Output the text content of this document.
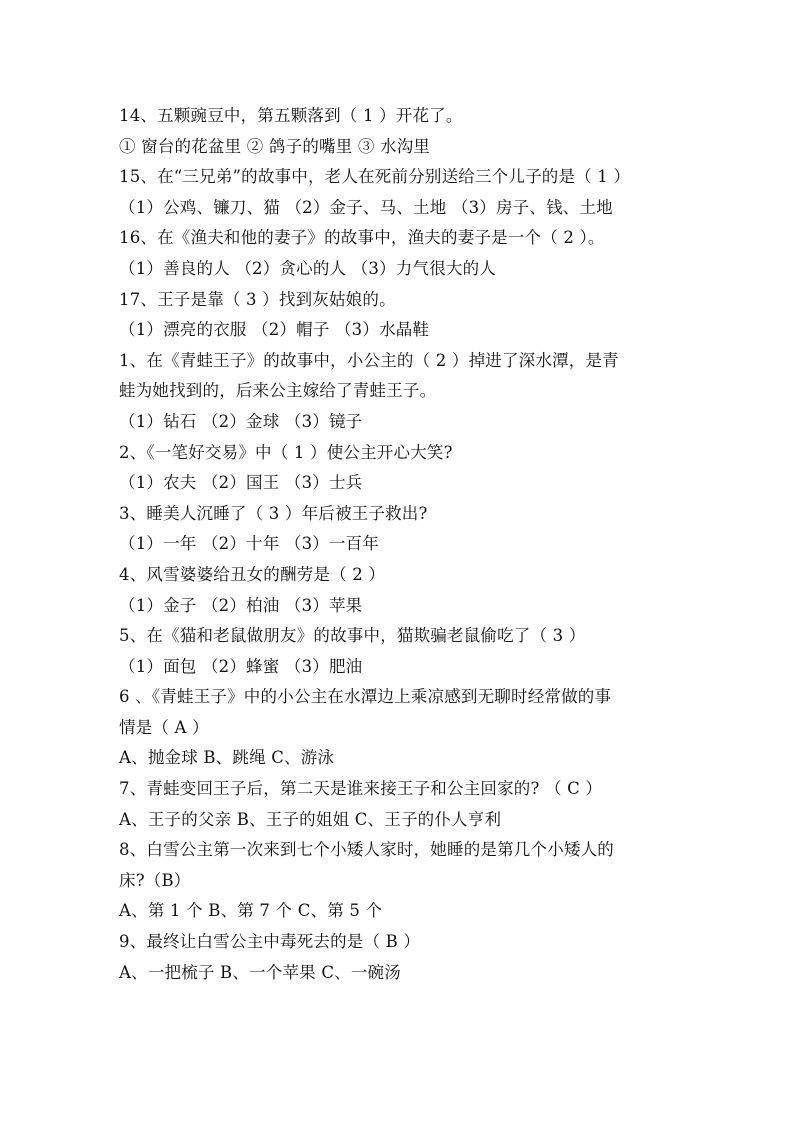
14、五颗豌豆中，第五颗落到（ 1 ）开花了。
① 窗台的花盆里 ② 鸽子的嘴里 ③ 水沟里
15、在“三兄弟”的故事中，老人在死前分别送给三个儿子的是（ 1 ）
（1）公鸡、镰刀、猫 （2）金子、马、土地 （3）房子、钱、土地
16、在《渔夫和他的妻子》的故事中，渔夫的妻子是一个（ 2 ）。
（1）善良的人 （2）贪心的人 （3）力气很大的人
17、王子是靠（ 3 ）找到灰姑娘的。
（1）漂亮的衣服 （2）帽子 （3）水晶鞋
1、在《青蛙王子》的故事中，小公主的（ 2 ）掉进了深水潭，是青
蛙为她找到的，后来公主嫁给了青蛙王子。
（1）钻石 （2）金球 （3）镜子
2、《一笔好交易》中（ 1 ）使公主开心大笑?
（1）农夫 （2）国王 （3）士兵
3、睡美人沉睡了（ 3 ）年后被王子救出?
（1）一年 （2）十年 （3）一百年
4、风雪婆婆给丑女的酬劳是（ 2 ）
（1）金子 （2）柏油 （3）苹果
5、在《猫和老鼠做朋友》的故事中，猫欺骗老鼠偷吃了（ 3 ）
（1）面包 （2）蜂蜜 （3）肥油
6 、《青蛙王子》中的小公主在水潭边上乘凉感到无聊时经常做的事
情是（ A ）
A、抛金球 B、跳绳 C、游泳
7、青蛙变回王子后，第二天是谁来接王子和公主回家的? （ C ）
A、王子的父亲 B、王子的姐姐 C、王子的仆人亨利
8、白雪公主第一次来到七个小矮人家时，她睡的是第几个小矮人的
床?（B）
A、第 1 个 B、第 7 个 C、第 5 个
9、最终让白雪公主中毒死去的是（ B ）
A、一把梳子 B、一个苹果 C、一碗汤
